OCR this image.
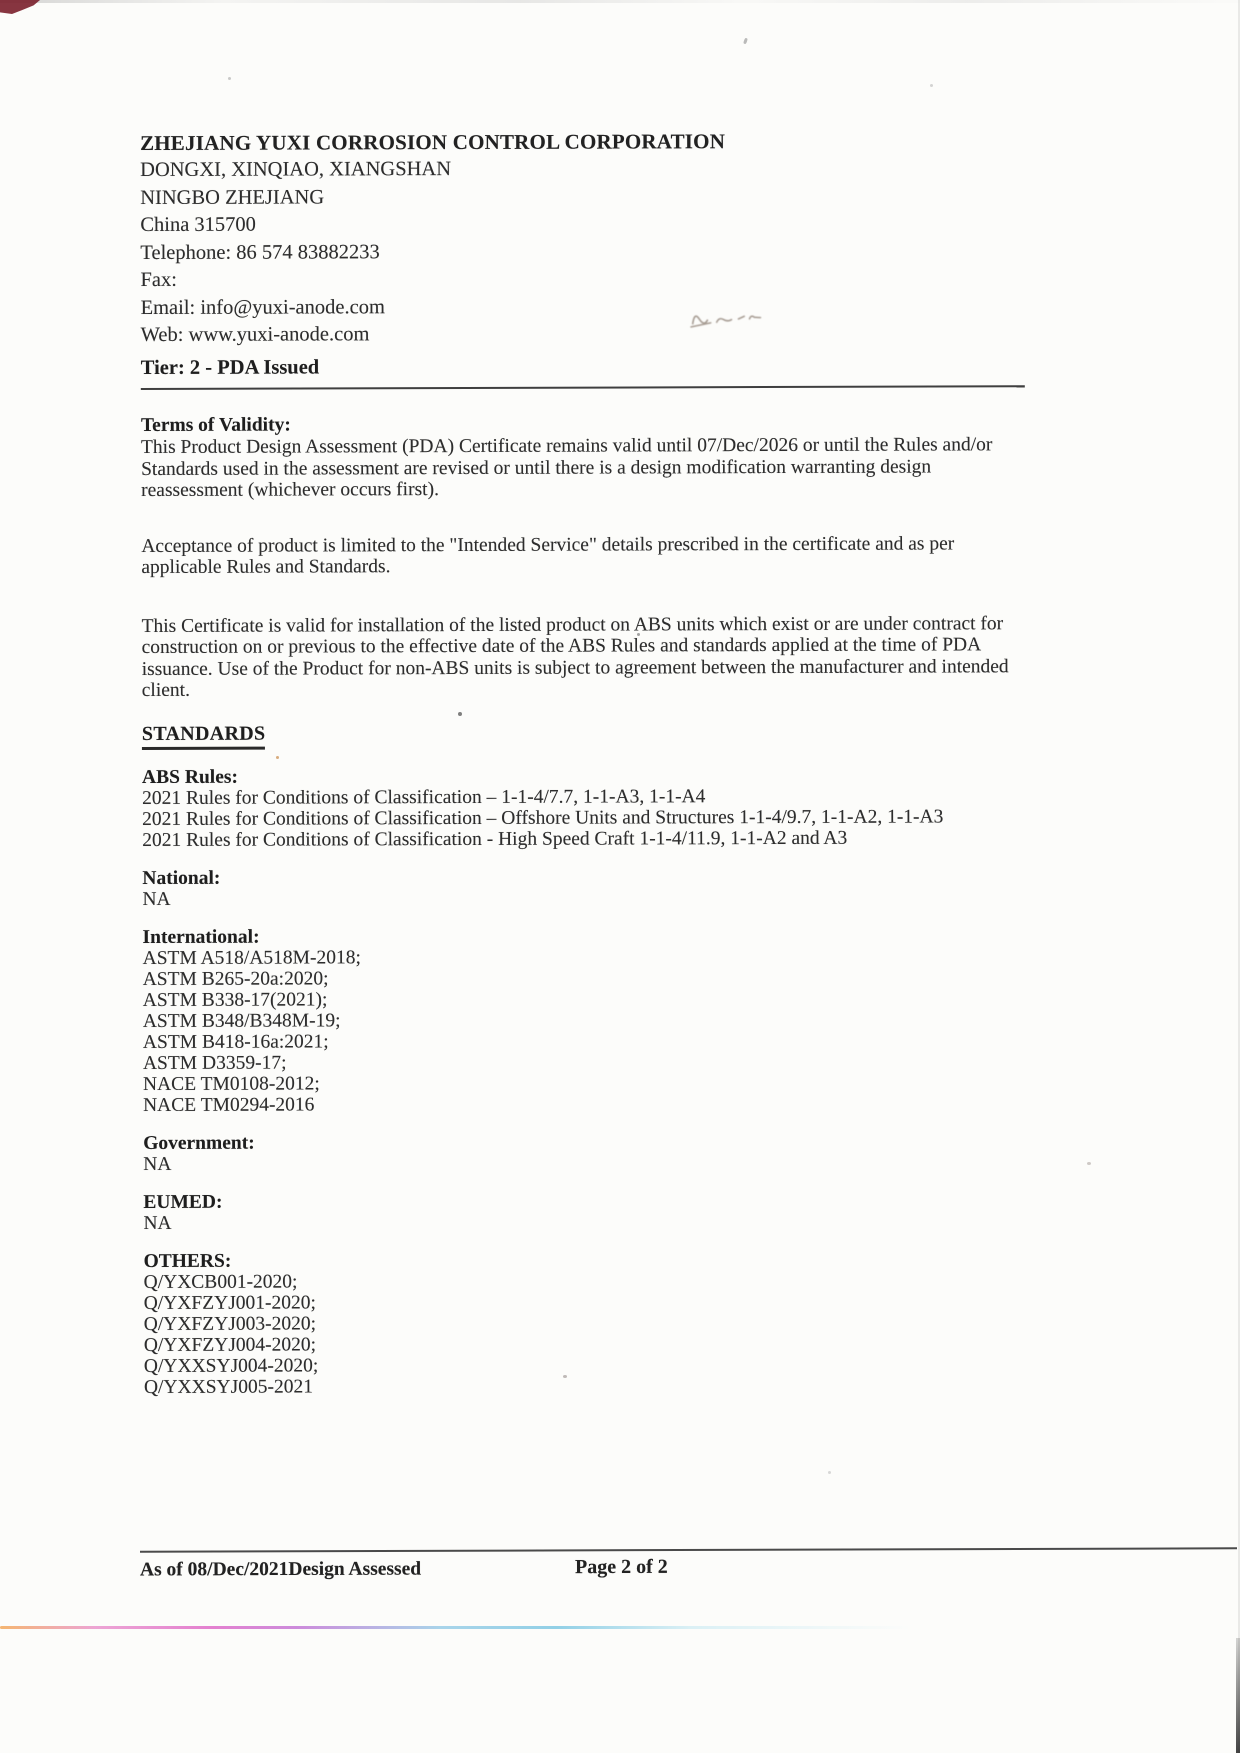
ZHEJIANG YUXI CORROSION CONTROL CORPORATION
DONGXI, XINQIAO, XIANGSHAN
NINGBO ZHEJIANG
China 315700
Telephone: 86 574 83882233
Fax:
Email: info@yuxi-anode.com
Web: www.yuxi-anode.com
Tier: 2 - PDA Issued
Terms of Validity:

This Product Design Assessment (PDA) Certificate remains valid until 07/Dec/2026 or until the Rules and/or Standards used in the assessment are revised or until there is a design modification warranting design reassessment (whichever occurs first).

Acceptance of product is limited to the "Intended Service" details prescribed in the certificate and as per applicable Rules and Standards.

This Certificate is valid for installation of the listed product on ABS units which exist or are under contract for construction on or previous to the effective date of the ABS Rules and standards applied at the time of PDA issuance. Use of the Product for non-ABS units is subject to agreement between the manufacturer and intended client.

STANDARDS
ABS Rules:
2021 Rules for Conditions of Classification – 1-1-4/7.7, 1-1-A3, 1-1-A4
2021 Rules for Conditions of Classification – Offshore Units and Structures 1-1-4/9.7, 1-1-A2, 1-1-A3
2021 Rules for Conditions of Classification - High Speed Craft 1-1-4/11.9, 1-1-A2 and A3
National:
NA
International:
ASTM A518/A518M-2018;
ASTM B265-20a:2020;
ASTM B338-17(2021);
ASTM B348/B348M-19;
ASTM B418-16a:2021;
ASTM D3359-17;
NACE TM0108-2012;
NACE TM0294-2016
Government:
NA
EUMED:
NA
OTHERS:
Q/YXCB001-2020;
Q/YXFZYJ001-2020;
Q/YXFZYJ003-2020;
Q/YXFZYJ004-2020;
Q/YXXSYJ004-2020;
Q/YXXSYJ005-2021
As of 08/Dec/2021Design Assessed	Page 2 of 2
